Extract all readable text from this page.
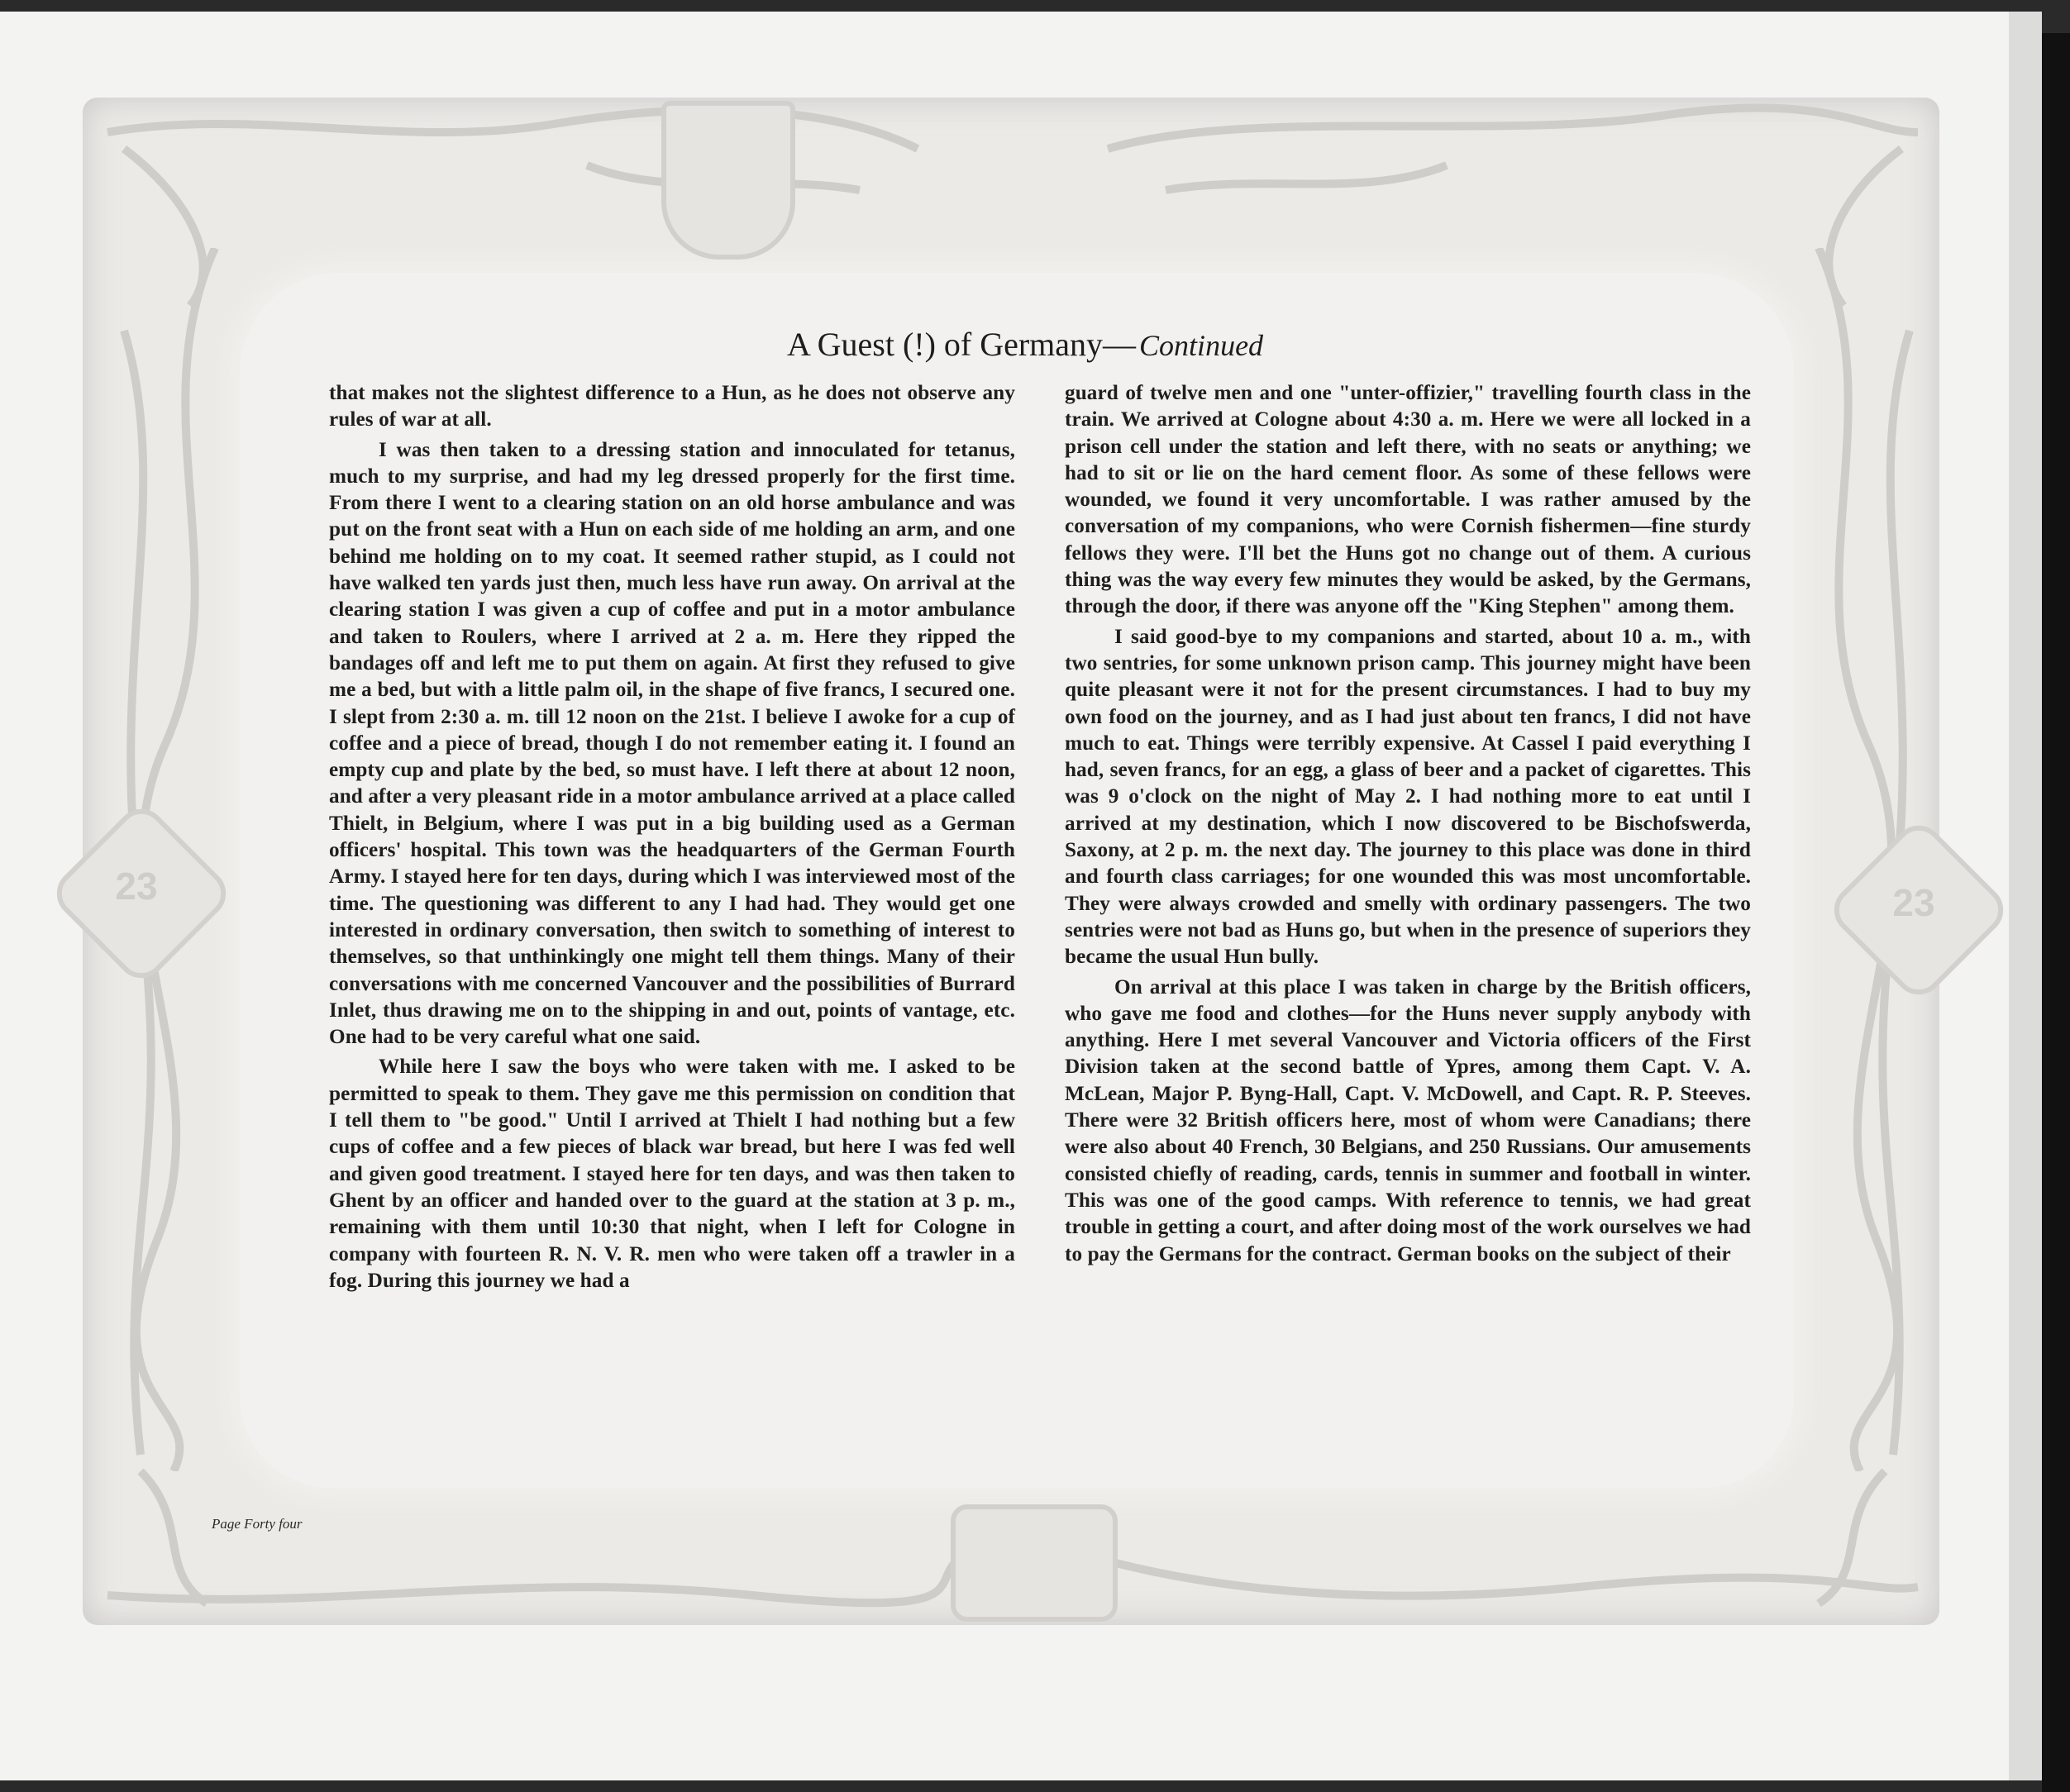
23	23
A Guest (!) of Germany— Continued

that makes not the slightest difference to a Hun, as he does not observe any rules of war at all.

I was then taken to a dressing station and innoculated for tetanus, much to my surprise, and had my leg dressed properly for the first time. From there I went to a clearing station on an old horse ambulance and was put on the front seat with a Hun on each side of me holding an arm, and one behind me holding on to my coat. It seemed rather stupid, as I could not have walked ten yards just then, much less have run away. On arrival at the clearing station I was given a cup of coffee and put in a motor ambulance and taken to Roulers, where I arrived at 2 a. m. Here they ripped the bandages off and left me to put them on again. At first they refused to give me a bed, but with a little palm oil, in the shape of five francs, I secured one. I slept from 2:30 a. m. till 12 noon on the 21st. I believe I awoke for a cup of coffee and a piece of bread, though I do not remember eating it. I found an empty cup and plate by the bed, so must have. I left there at about 12 noon, and after a very pleasant ride in a motor ambulance arrived at a place called Thielt, in Belgium, where I was put in a big building used as a German officers' hospital. This town was the headquarters of the German Fourth Army. I stayed here for ten days, during which I was interviewed most of the time. The questioning was different to any I had had. They would get one interested in ordinary conversation, then switch to something of interest to themselves, so that unthinkingly one might tell them things. Many of their conversations with me concerned Vancouver and the possibilities of Burrard Inlet, thus drawing me on to the shipping in and out, points of vantage, etc. One had to be very careful what one said.

While here I saw the boys who were taken with me. I asked to be permitted to speak to them. They gave me this permission on condition that I tell them to "be good." Until I arrived at Thielt I had nothing but a few cups of coffee and a few pieces of black war bread, but here I was fed well and given good treatment. I stayed here for ten days, and was then taken to Ghent by an officer and handed over to the guard at the station at 3 p. m., remaining with them until 10:30 that night, when I left for Cologne in company with fourteen R. N. V. R. men who were taken off a trawler in a fog. During this journey we had a

guard of twelve men and one "unter-offizier," travelling fourth class in the train. We arrived at Cologne about 4:30 a. m. Here we were all locked in a prison cell under the station and left there, with no seats or anything; we had to sit or lie on the hard cement floor. As some of these fellows were wounded, we found it very uncomfortable. I was rather amused by the conversation of my companions, who were Cornish fishermen—fine sturdy fellows they were. I'll bet the Huns got no change out of them. A curious thing was the way every few minutes they would be asked, by the Germans, through the door, if there was anyone off the "King Stephen" among them.

I said good-bye to my companions and started, about 10 a. m., with two sentries, for some unknown prison camp. This journey might have been quite pleasant were it not for the present circumstances. I had to buy my own food on the journey, and as I had just about ten francs, I did not have much to eat. Things were terribly expensive. At Cassel I paid everything I had, seven francs, for an egg, a glass of beer and a packet of cigarettes. This was 9 o'clock on the night of May 2. I had nothing more to eat until I arrived at my destination, which I now discovered to be Bischofswerda, Saxony, at 2 p. m. the next day. The journey to this place was done in third and fourth class carriages; for one wounded this was most uncomfortable. They were always crowded and smelly with ordinary passengers. The two sentries were not bad as Huns go, but when in the presence of superiors they became the usual Hun bully.

On arrival at this place I was taken in charge by the British officers, who gave me food and clothes—for the Huns never supply anybody with anything. Here I met several Vancouver and Victoria officers of the First Division taken at the second battle of Ypres, among them Capt. V. A. McLean, Major P. Byng-Hall, Capt. V. McDowell, and Capt. R. P. Steeves. There were 32 British officers here, most of whom were Canadians; there were also about 40 French, 30 Belgians, and 250 Russians. Our amusements consisted chiefly of reading, cards, tennis in summer and football in winter. This was one of the good camps. With reference to tennis, we had great trouble in getting a court, and after doing most of the work ourselves we had to pay the Germans for the contract. German books on the subject of their

Page Forty four
